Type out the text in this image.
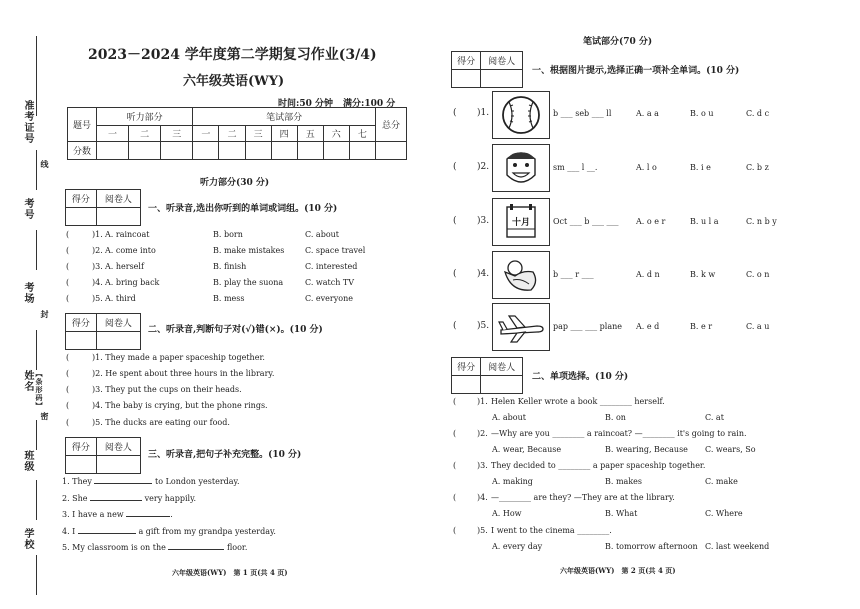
准考证号
线
考号
考场
封
姓名 【条形码】
密
班级
学校
2023－2024 学年度第二学期复习作业(3/4)
六年级英语(WY)
时间:50 分钟 满分:100 分
题号	听力部分			笔试部分							总分
	一	二	三	一	二	三	四	五	六	七	
分数											
听力部分(30 分)
得分	阅卷人

一、听录音,选出你听到的单词或词组。(10 分)
(	)1. A. raincoat	B. born	C. about
(	)2. A. come into	B. make mistakes	C. space travel
(	)3. A. herself	B. finish	C. interested
(	)4. A. bring back	B. play the suona	C. watch TV
(	)5. A. third	B. mess	C. everyone
得分	阅卷人

二、听录音,判断句子对(√)错(×)。(10 分)
(	)1. They made a paper spaceship together.
(	)2. He spent about three hours in the library.
(	)3. They put the cups on their heads.
(	)4. The baby is crying, but the phone rings.
(	)5. The ducks are eating our food.
得分	阅卷人

三、听录音,把句子补充完整。(10 分)
1. They	to London yesterday.
2. She	very happily.
3. I have a new	.
4. I	a gift from my grandpa yesterday.
5. My classroom is on the	floor.
六年级英语(WY)　第 1 页(共 4 页)
笔试部分(70 分)
得分	阅卷人

一、根据图片提示,选择正确一项补全单词。(10 分)
( )1.	b ___ seb ___ ll	A. a a	B. o u	C. d c
( )2.	sm ___ l __.	A. l o	B. i e	C. b z
( )3.	十月	Oct ___ b ___ ___ A. o e r	B. u l a	C. n b y
( )4.	b ___ r ___	A. d n	B. k w	C. o n
( )5.	pap ___ ___ plane A. e d	B. e r	C. a u
得分	阅卷人

二、单项选择。(10 分)
(	)1. Helen Keller wrote a book ________ herself.
A. about	B. on	C. at
(	)2. —Why are you ________ a raincoat? —________ it's going to rain.
A. wear, Because	B. wearing, Because C. wears, So
(	)3. They decided to ________ a paper spaceship together.
A. making	B. makes	C. make
(	)4. —________ are they? —They are at the library.
A. How	B. What	C. Where
(	)5. I went to the cinema ________.
A. every day	B. tomorrow afternoon C. last weekend
六年级英语(WY)　第 2 页(共 4 页)
